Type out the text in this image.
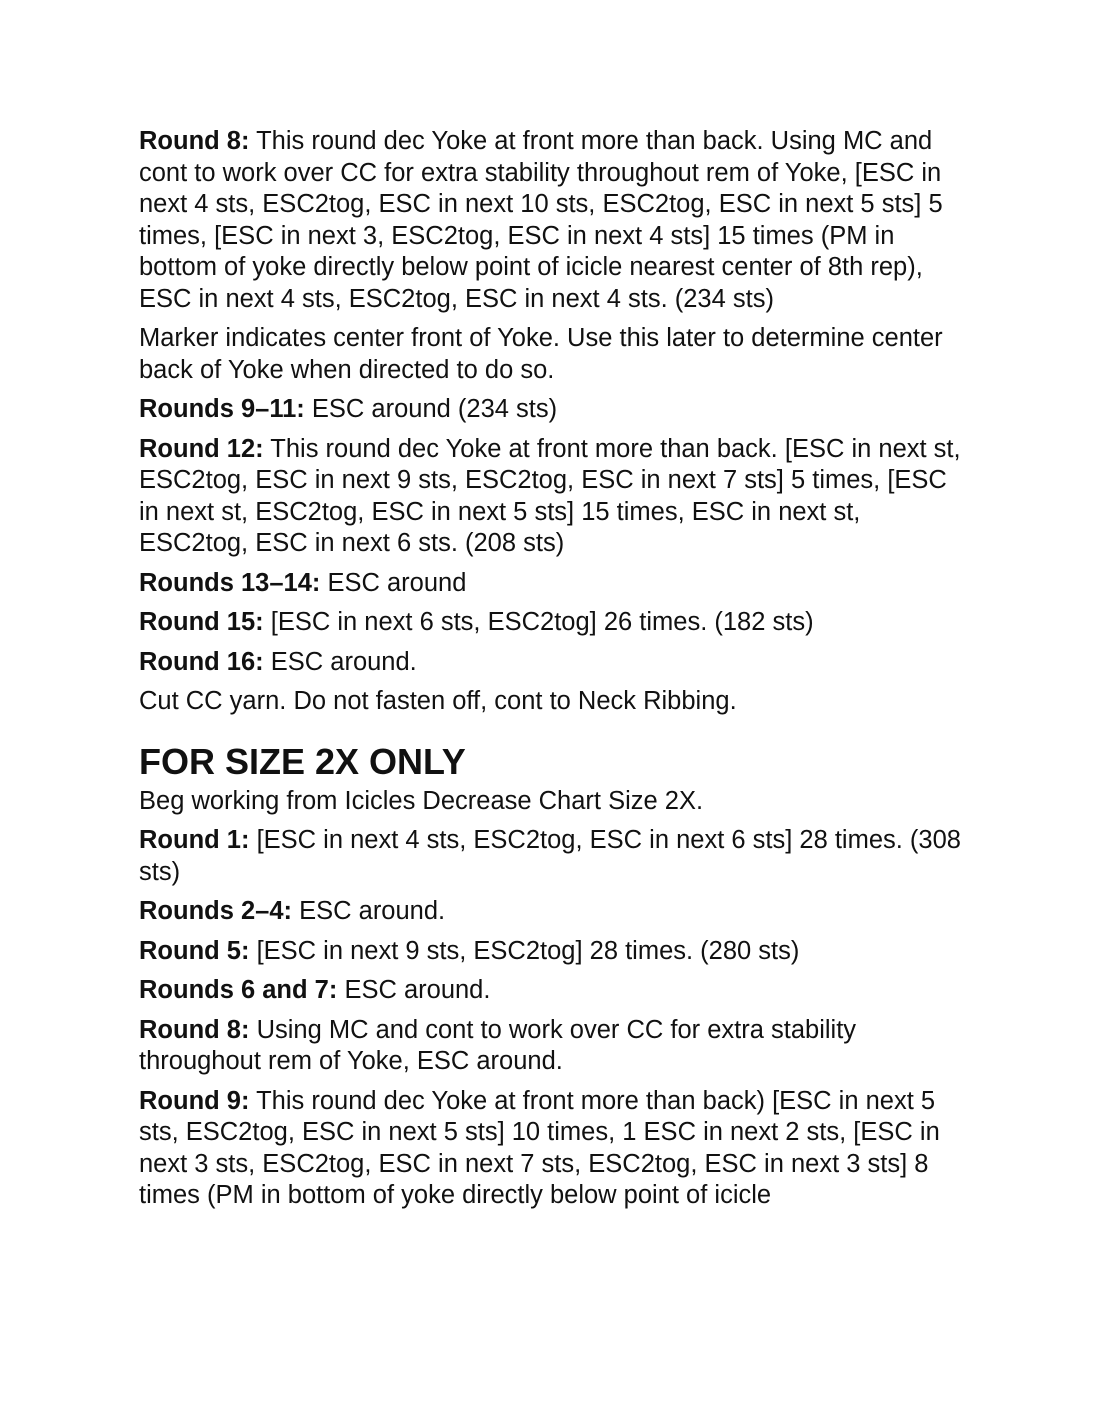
Round 8: This round dec Yoke at front more than back. Using MC and cont to work over CC for extra stability throughout rem of Yoke, [ESC in next 4 sts, ESC2tog, ESC in next 10 sts, ESC2tog, ESC in next 5 sts] 5 times, [ESC in next 3, ESC2tog, ESC in next 4 sts] 15 times (PM in bottom of yoke directly below point of icicle nearest center of 8th rep), ESC in next 4 sts, ESC2tog, ESC in next 4 sts. (234 sts)

Marker indicates center front of Yoke. Use this later to determine center back of Yoke when directed to do so.

Rounds 9–11: ESC around (234 sts)

Round 12: This round dec Yoke at front more than back. [ESC in next st, ESC2tog, ESC in next 9 sts, ESC2tog, ESC in next 7 sts] 5 times, [ESC in next st, ESC2tog, ESC in next 5 sts] 15 times, ESC in next st, ESC2tog, ESC in next 6 sts. (208 sts)

Rounds 13–14: ESC around

Round 15: [ESC in next 6 sts, ESC2tog] 26 times. (182 sts)

Round 16: ESC around.

Cut CC yarn. Do not fasten off, cont to Neck Ribbing.

FOR SIZE 2X ONLY

Beg working from Icicles Decrease Chart Size 2X.

Round 1: [ESC in next 4 sts, ESC2tog, ESC in next 6 sts] 28 times. (308 sts)

Rounds 2–4: ESC around.

Round 5: [ESC in next 9 sts, ESC2tog] 28 times. (280 sts)

Rounds 6 and 7: ESC around.

Round 8: Using MC and cont to work over CC for extra stability throughout rem of Yoke, ESC around.

Round 9: This round dec Yoke at front more than back) [ESC in next 5 sts, ESC2tog, ESC in next 5 sts] 10 times, 1 ESC in next 2 sts, [ESC in next 3 sts, ESC2tog, ESC in next 7 sts, ESC2tog, ESC in next 3 sts] 8 times (PM in bottom of yoke directly below point of icicle
